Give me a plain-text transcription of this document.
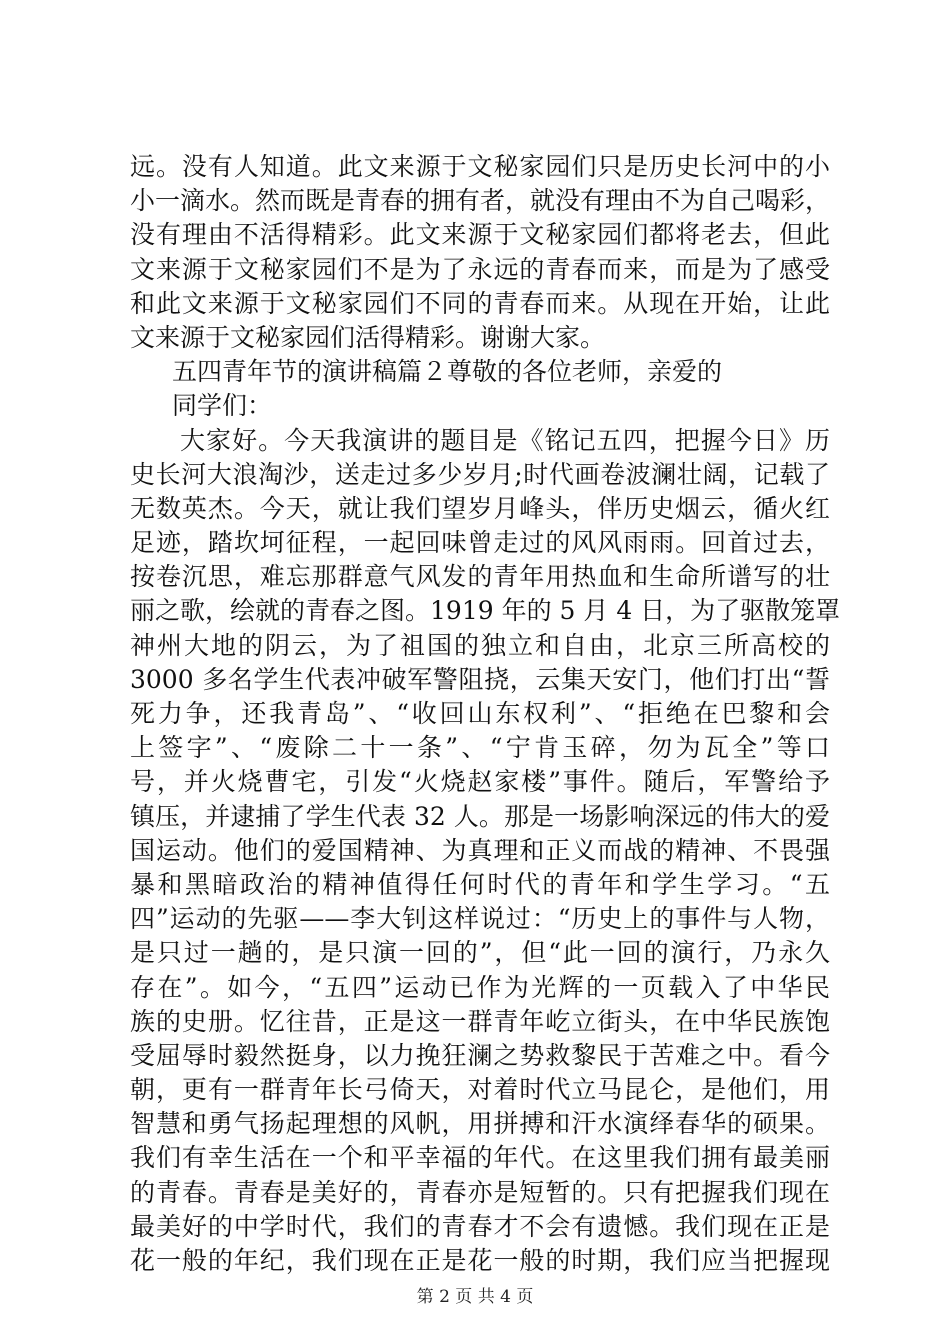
远。没有人知道。此文来源于文秘家园们只是历史长河中的小
小一滴水。然而既是青春的拥有者，就没有理由不为自己喝彩，
没有理由不活得精彩。此文来源于文秘家园们都将老去，但此
文来源于文秘家园们不是为了永远的青春而来，而是为了感受
和此文来源于文秘家园们不同的青春而来。从现在开始，让此
文来源于文秘家园们活得精彩。谢谢大家。
五四青年节的演讲稿篇２尊敬的各位老师，亲爱的
同学们：
大家好。今天我演讲的题目是《铭记五四，把握今日》历
史长河大浪淘沙，送走过多少岁月;时代画卷波澜壮阔，记载了
无数英杰。今天，就让我们望岁月峰头，伴历史烟云，循火红
足迹，踏坎坷征程，一起回味曾走过的风风雨雨。回首过去，
按卷沉思，难忘那群意气风发的青年用热血和生命所谱写的壮
丽之歌，绘就的青春之图。1919 年的 5 月 4 日，为了驱散笼罩
神州大地的阴云，为了祖国的独立和自由，北京三所高校的
3000 多名学生代表冲破军警阻挠，云集天安门，他们打出“誓
死力争，还我青岛”、“收回山东权利”、“拒绝在巴黎和会
上签字”、“废除二十一条”、“宁肯玉碎，勿为瓦全”等口
号，并火烧曹宅，引发“火烧赵家楼”事件。随后，军警给予
镇压，并逮捕了学生代表 32 人。那是一场影响深远的伟大的爱
国运动。他们的爱国精神、为真理和正义而战的精神、不畏强
暴和黑暗政治的精神值得任何时代的青年和学生学习。“五
四”运动的先驱——李大钊这样说过：“历史上的事件与人物，
是只过一趟的，是只演一回的”，但“此一回的演行，乃永久
存在”。如今，“五四”运动已作为光辉的一页载入了中华民
族的史册。忆往昔，正是这一群青年屹立街头，在中华民族饱
受屈辱时毅然挺身，以力挽狂澜之势救黎民于苦难之中。看今
朝，更有一群青年长弓倚天，对着时代立马昆仑，是他们，用
智慧和勇气扬起理想的风帆，用拼搏和汗水演绎春华的硕果。
我们有幸生活在一个和平幸福的年代。在这里我们拥有最美丽
的青春。青春是美好的，青春亦是短暂的。只有把握我们现在
最美好的中学时代，我们的青春才不会有遗憾。我们现在正是
花一般的年纪，我们现在正是花一般的时期，我们应当把握现
第 2 页 共 4 页
